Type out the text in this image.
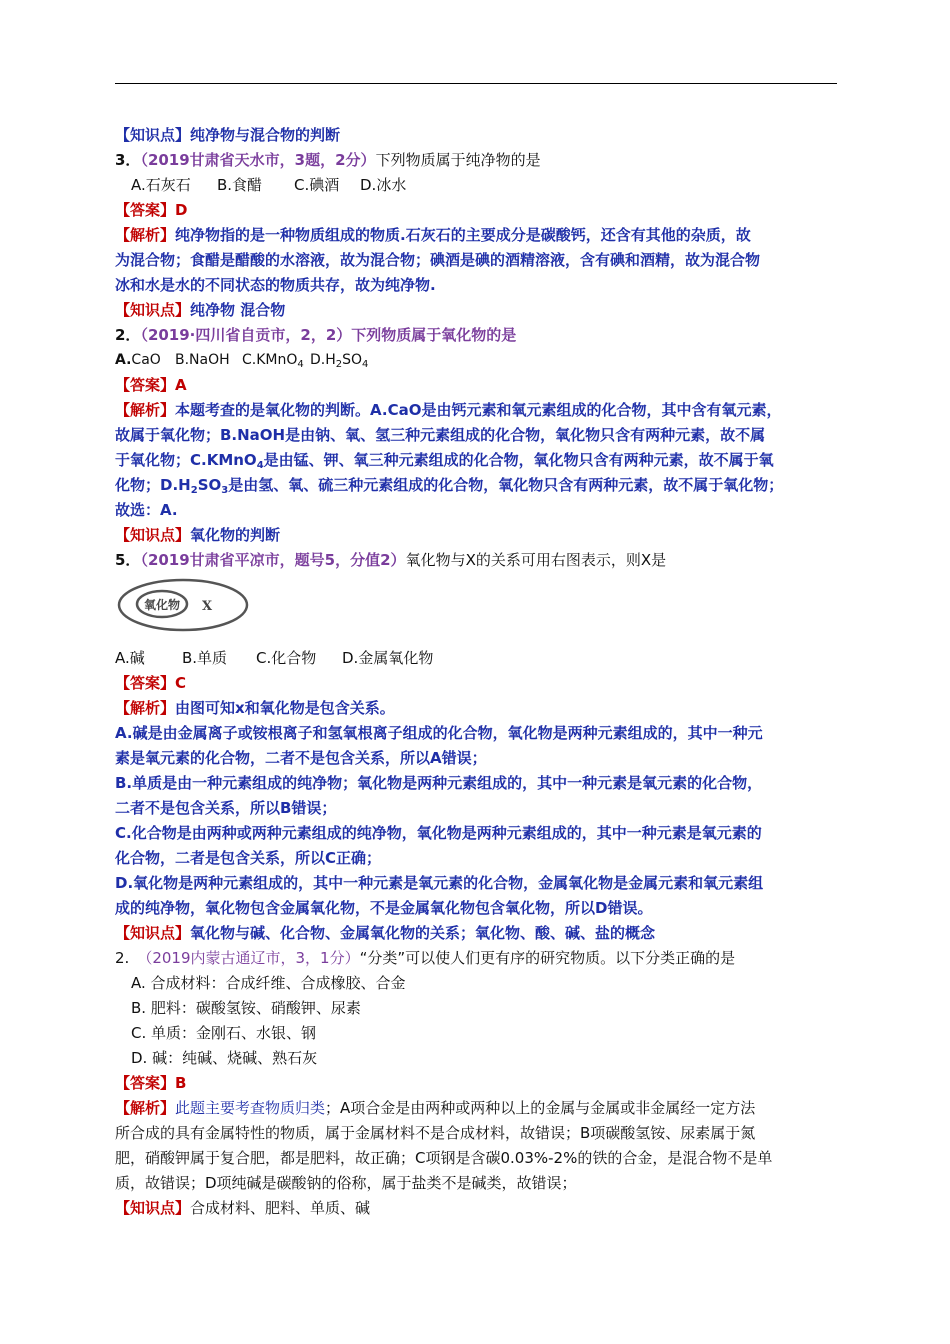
【知识点】纯净物与混合物的判断
3．（2019甘肃省天水市，3题，2分）下列物质属于纯净物的是
A.石灰石 B.食醋 C.碘酒 D.冰水
【答案】D
【解析】纯净物指的是一种物质组成的物质.石灰石的主要成分是碳酸钙，还含有其他的杂质，故
为混合物；食醋是醋酸的水溶液，故为混合物；碘酒是碘的酒精溶液，含有碘和酒精，故为混合物
冰和水是水的不同状态的物质共存，故为纯净物.
【知识点】纯净物 混合物
2．（2019·四川省自贡市，2，2）下列物质属于氧化物的是
A.CaO B.NaOH C.KMnO$_4$ $D.H_2SO_4$
【答案】A
【解析】本题考查的是氧化物的判断。A.CaO是由钙元素和氧元素组成的化合物，其中含有氧元素，
故属于氧化物；B.NaOH是由钠、氧、氢三种元素组成的化合物，氧化物只含有两种元素，故不属
于氧化物；C.KMnO$_4$是由锰、钾、氧三种元素组成的化合物，氧化物只含有两种元素，故不属于氧
化物；$D.H_2SO_3$是由氢、氧、硫三种元素组成的化合物，氧化物只含有两种元素，故不属于氧化物；
故选：A.
【知识点】氧化物的判断
5．（2019甘肃省平凉市，题号5，分值2）氧化物与X的关系可用右图表示，则X是
氧化物 X
A.碱 B.单质 C.化合物 D.金属氧化物
【答案】C
【解析】由图可知x和氧化物是包含关系。
A.碱是由金属离子或铵根离子和氢氧根离子组成的化合物，氧化物是两种元素组成的，其中一种元
素是氧元素的化合物，二者不是包含关系，所以A错误；
B.单质是由一种元素组成的纯净物；氧化物是两种元素组成的，其中一种元素是氧元素的化合物，
二者不是包含关系，所以B错误；
C.化合物是由两种或两种元素组成的纯净物，氧化物是两种元素组成的，其中一种元素是氧元素的
化合物，二者是包含关系，所以C正确；
D.氧化物是两种元素组成的，其中一种元素是氧元素的化合物，金属氧化物是金属元素和氧元素组
成的纯净物，氧化物包含金属氧化物，不是金属氧化物包含氧化物，所以D错误。
【知识点】氧化物与碱、化合物、金属氧化物的关系；氧化物、酸、碱、盐的概念
2. （2019内蒙古通辽市，3，1分）“分类”可以使人们更有序的研究物质。以下分类正确的是
A. 合成材料：合成纤维、合成橡胶、合金
B. 肥料：碳酸氢铵、硝酸钾、尿素
C. 单质：金刚石、水银、钢
D. 碱：纯碱、烧碱、熟石灰
【答案】B
【解析】此题主要考查物质归类；A项合金是由两种或两种以上的金属与金属或非金属经一定方法
所合成的具有金属特性的物质，属于金属材料不是合成材料，故错误；B项碳酸氢铵、尿素属于氮
肥，硝酸钾属于复合肥，都是肥料，故正确；C项钢是含碳0.03%-2%的铁的合金，是混合物不是单
质，故错误；D项纯碱是碳酸钠的俗称，属于盐类不是碱类，故错误；
【知识点】合成材料、肥料、单质、碱
